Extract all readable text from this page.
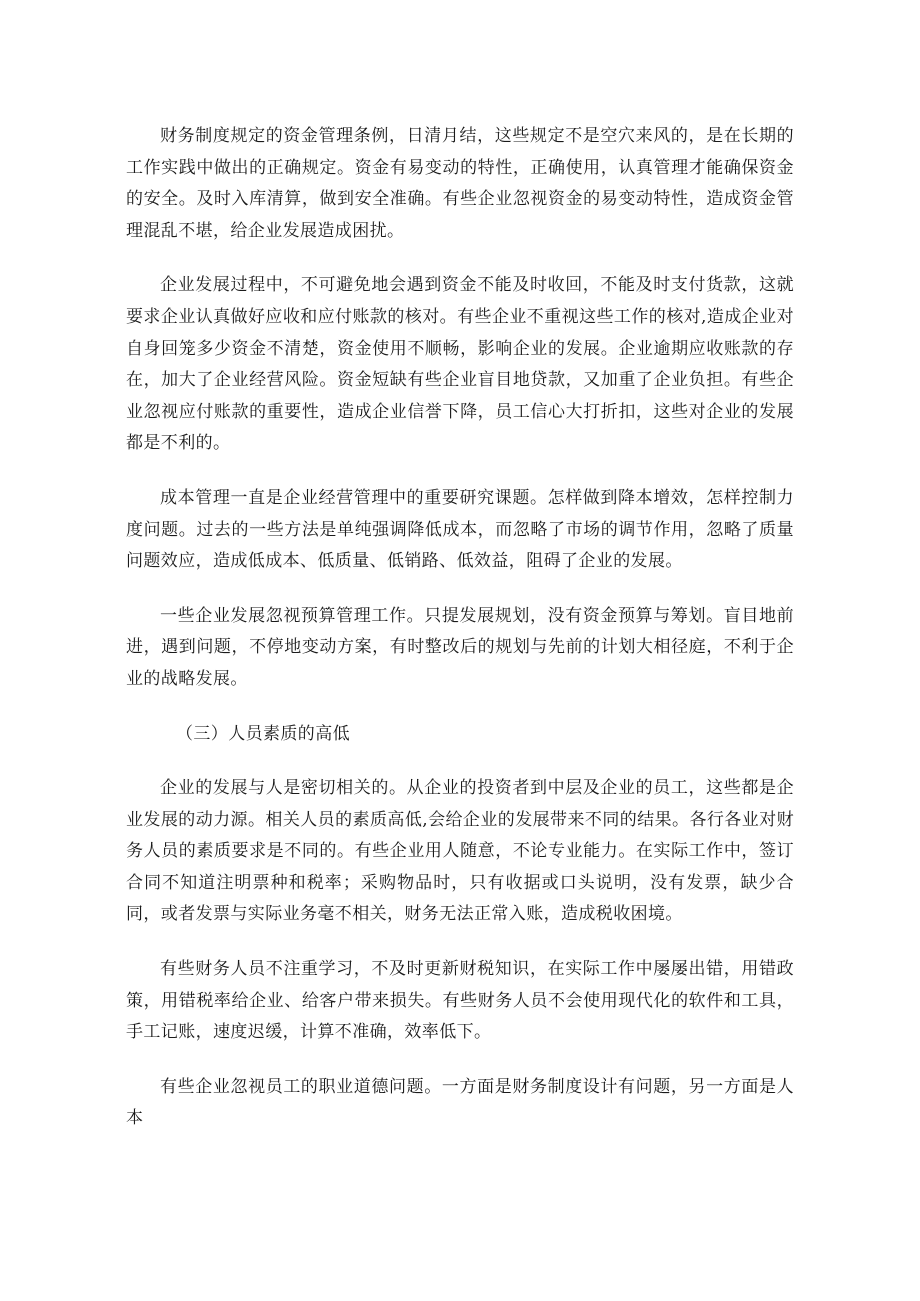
财务制度规定的资金管理条例，日清月结，这些规定不是空穴来风的，是在长期的工作实践中做出的正确规定。资金有易变动的特性，正确使用，认真管理才能确保资金的安全。及时入库清算，做到安全准确。有些企业忽视资金的易变动特性，造成资金管理混乱不堪，给企业发展造成困扰。

企业发展过程中，不可避免地会遇到资金不能及时收回，不能及时支付货款，这就要求企业认真做好应收和应付账款的核对。有些企业不重视这些工作的核对,造成企业对自身回笼多少资金不清楚，资金使用不顺畅，影响企业的发展。企业逾期应收账款的存在，加大了企业经营风险。资金短缺有些企业盲目地贷款，又加重了企业负担。有些企业忽视应付账款的重要性，造成企业信誉下降，员工信心大打折扣，这些对企业的发展都是不利的。

成本管理一直是企业经营管理中的重要研究课题。怎样做到降本增效，怎样控制力度问题。过去的一些方法是单纯强调降低成本，而忽略了市场的调节作用，忽略了质量问题效应，造成低成本、低质量、低销路、低效益，阻碍了企业的发展。

一些企业发展忽视预算管理工作。只提发展规划，没有资金预算与筹划。盲目地前进，遇到问题，不停地变动方案，有时整改后的规划与先前的计划大相径庭，不利于企业的战略发展。

（三）人员素质的高低

企业的发展与人是密切相关的。从企业的投资者到中层及企业的员工，这些都是企业发展的动力源。相关人员的素质高低,会给企业的发展带来不同的结果。各行各业对财务人员的素质要求是不同的。有些企业用人随意，不论专业能力。在实际工作中，签订合同不知道注明票种和税率；采购物品时，只有收据或口头说明，没有发票，缺少合同，或者发票与实际业务毫不相关，财务无法正常入账，造成税收困境。

有些财务人员不注重学习，不及时更新财税知识，在实际工作中屡屡出错，用错政策，用错税率给企业、给客户带来损失。有些财务人员不会使用现代化的软件和工具，手工记账，速度迟缓，计算不准确，效率低下。

有些企业忽视员工的职业道德问题。一方面是财务制度设计有问题，另一方面是人本
